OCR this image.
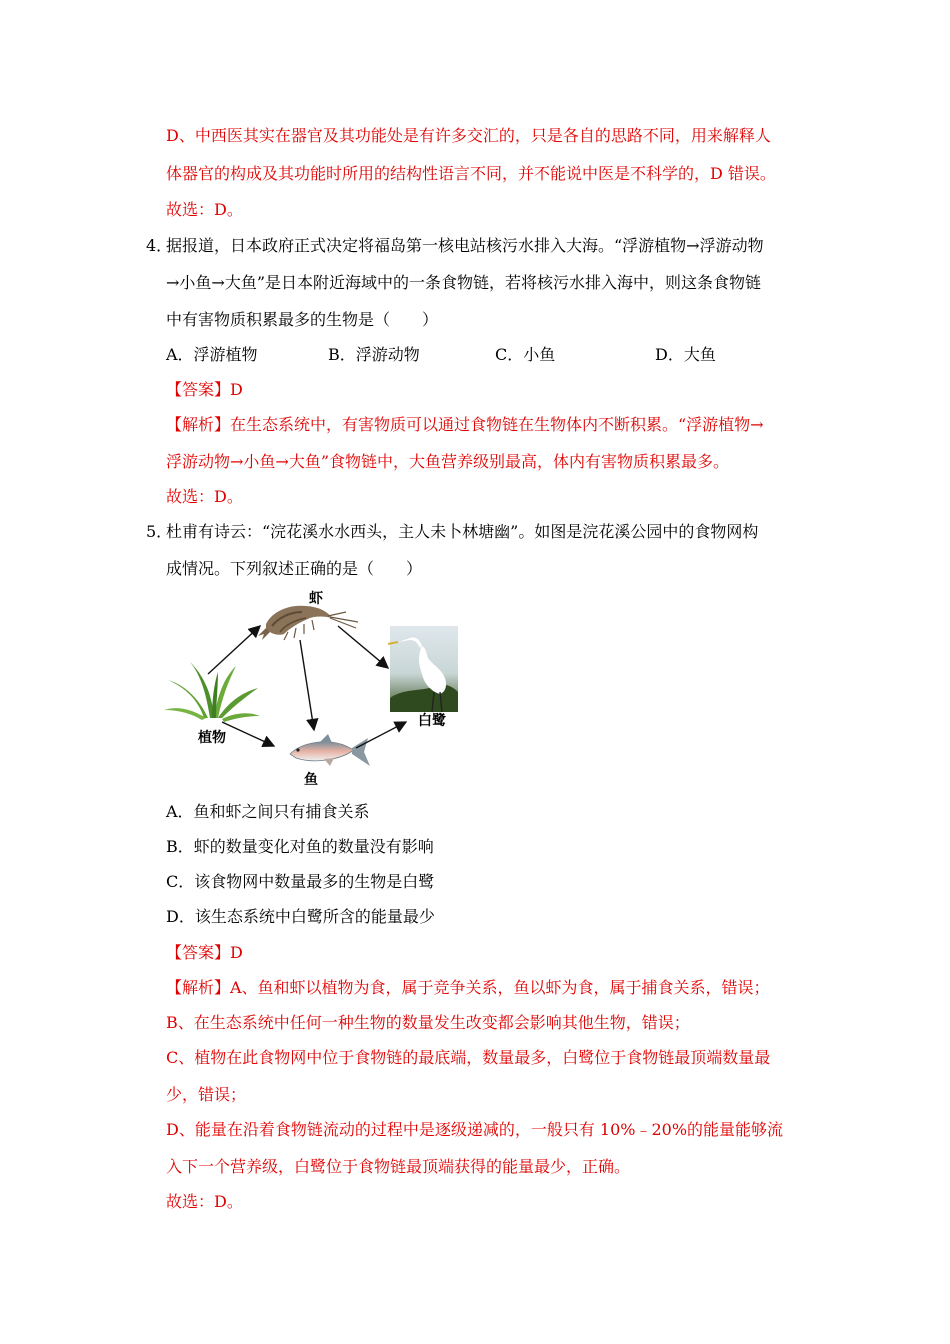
D、中西医其实在器官及其功能处是有许多交汇的，只是各自的思路不同，用来解释人
体器官的构成及其功能时所用的结构性语言不同，并不能说中医是不科学的，D 错误。
故选：D。
4．
据报道，日本政府正式决定将福岛第一核电站核污水排入大海。“浮游植物→浮游动物
→小鱼→大鱼”是日本附近海域中的一条食物链，若将核污水排入海中，则这条食物链
中有害物质积累最多的生物是（　　）
A．浮游植物	B．浮游动物	C．小鱼	D．大鱼
【答案】D
【解析】在生态系统中，有害物质可以通过食物链在生物体内不断积累。“浮游植物→
浮游动物→小鱼→大鱼”食物链中，大鱼营养级别最高，体内有害物质积累最多。
故选：D。
5．
杜甫有诗云：“浣花溪水水西头，主人未卜林塘幽”。如图是浣花溪公园中的食物网构
成情况。下列叙述正确的是（　　）
植物
虾
鱼
白鹭
A．鱼和虾之间只有捕食关系
B．虾的数量变化对鱼的数量没有影响
C．该食物网中数量最多的生物是白鹭
D．该生态系统中白鹭所含的能量最少
【答案】D
【解析】A、鱼和虾以植物为食，属于竞争关系，鱼以虾为食，属于捕食关系，错误；
B、在生态系统中任何一种生物的数量发生改变都会影响其他生物，错误；
C、植物在此食物网中位于食物链的最底端，数量最多，白鹭位于食物链最顶端数量最
少，错误；
D、能量在沿着食物链流动的过程中是逐级递减的，一般只有 10%﹣20%的能量能够流
入下一个营养级，白鹭位于食物链最顶端获得的能量最少，正确。
故选：D。
